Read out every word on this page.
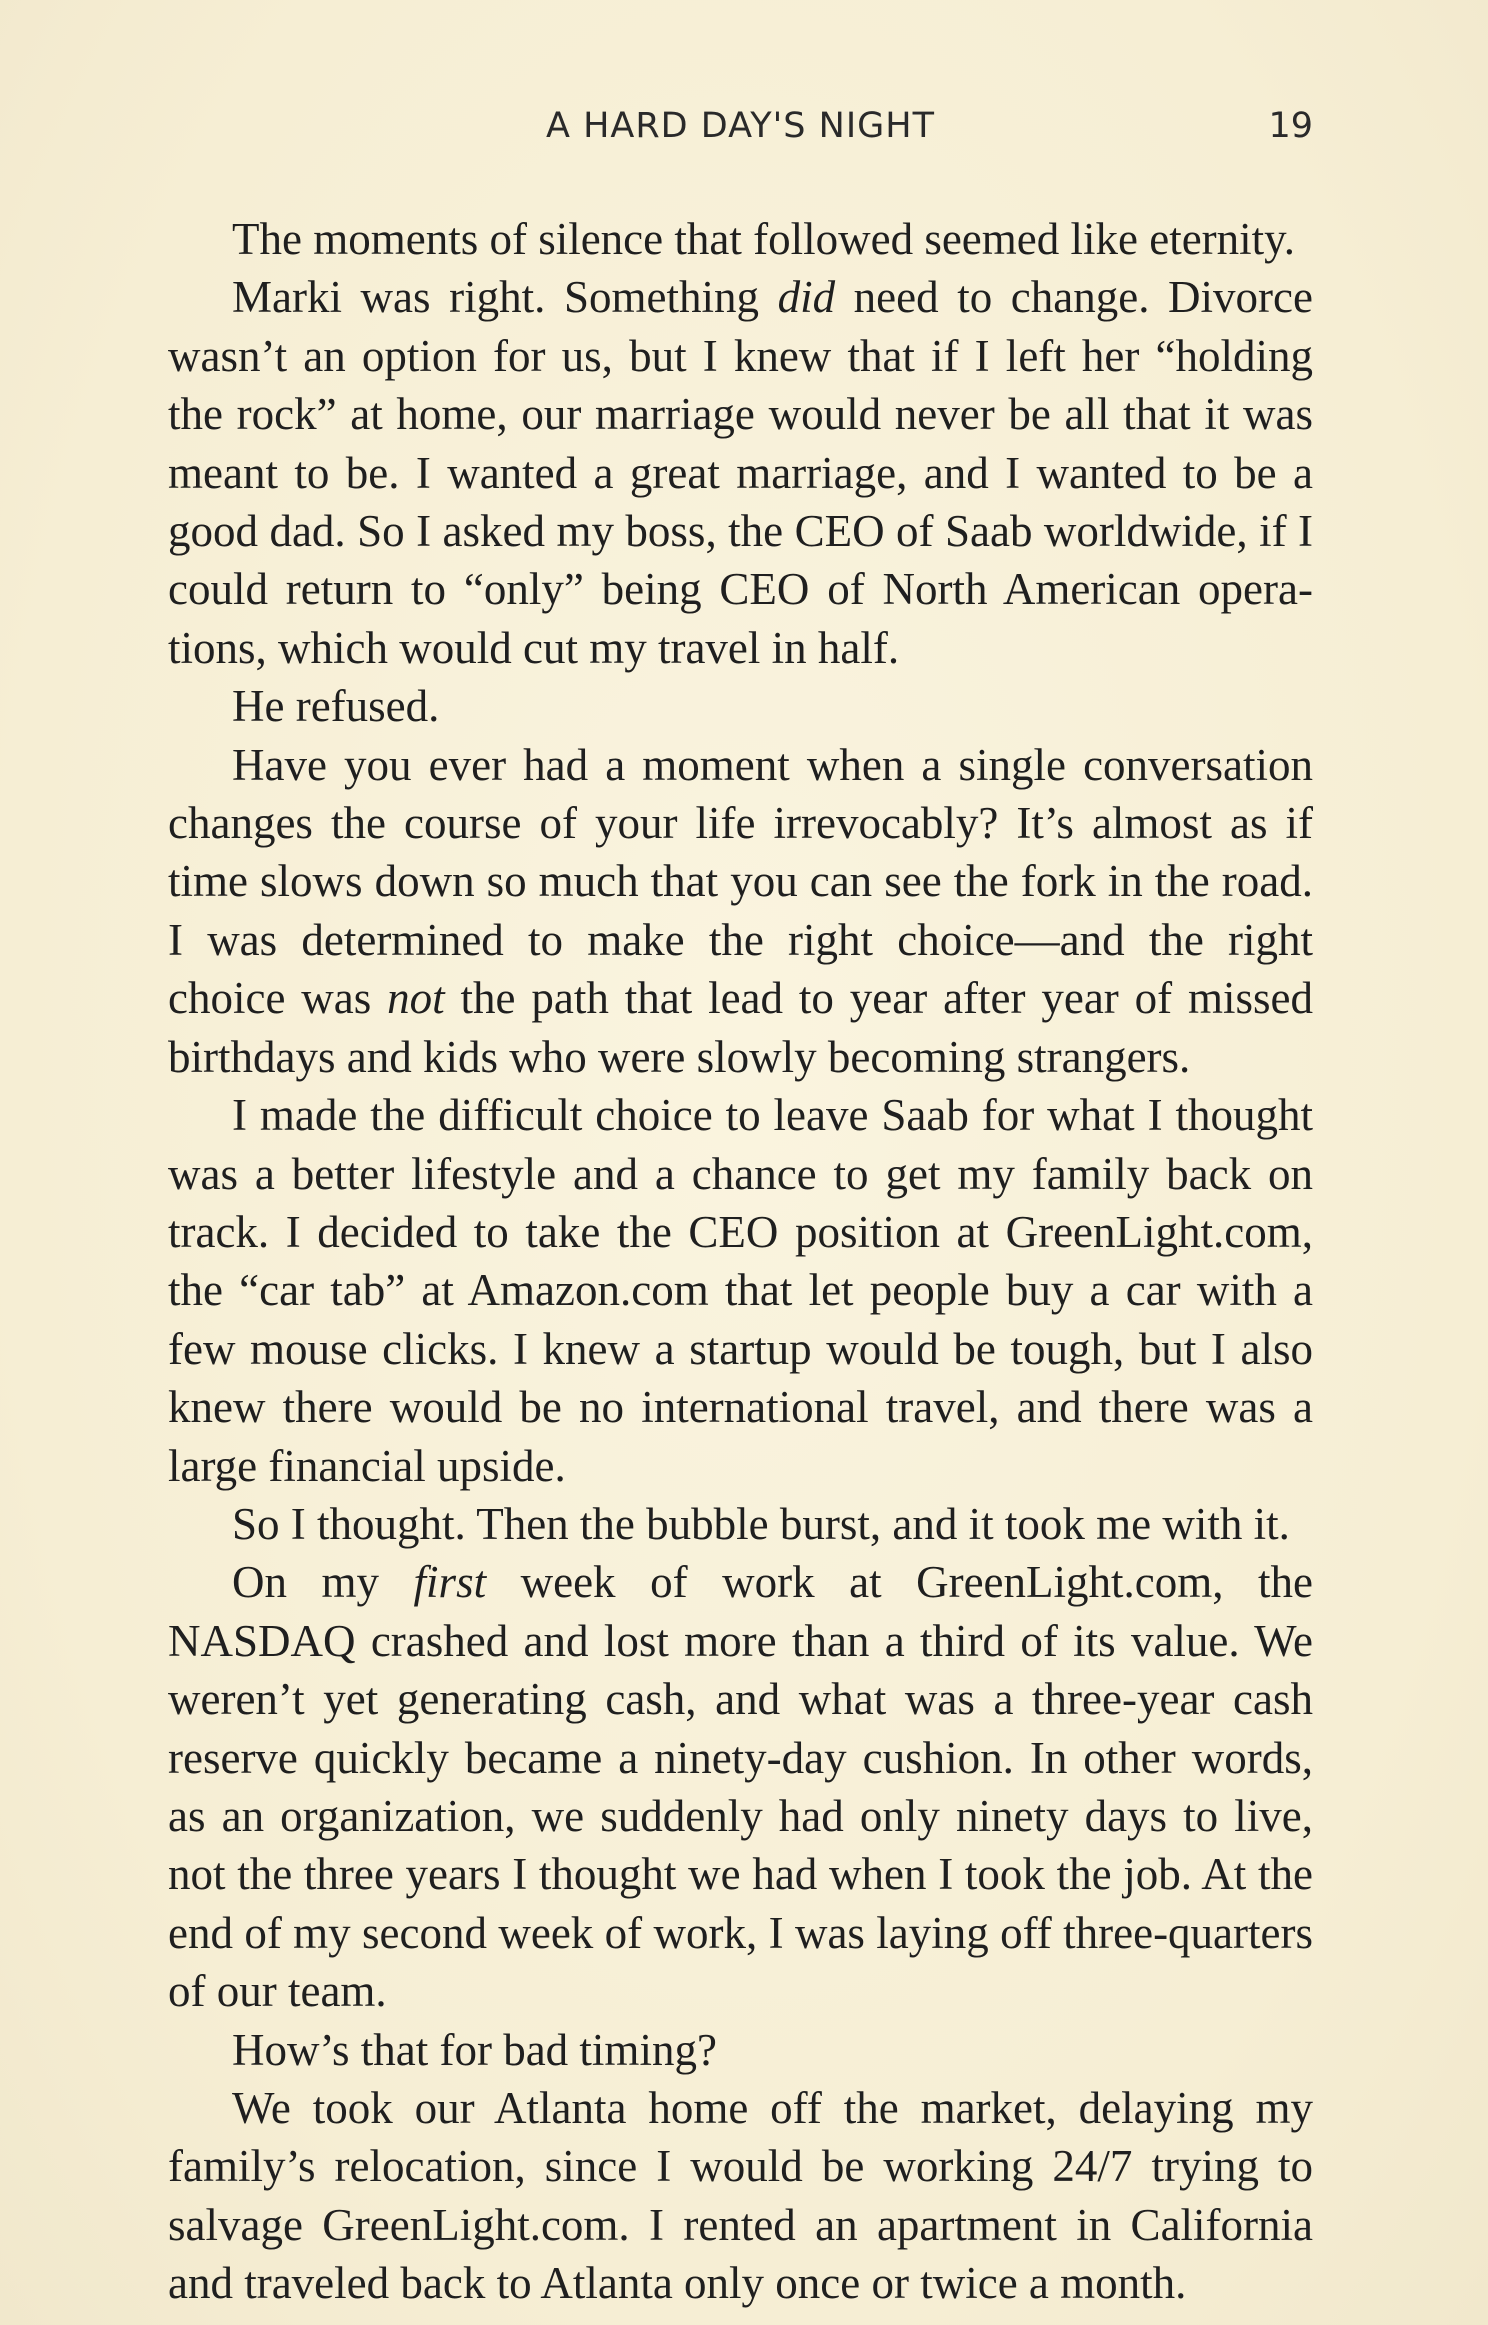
A HARD DAY'S NIGHT	19

The moments of silence that followed seemed like eternity.

Marki was right. Something did need to change. Divorce wasn’t an option for us, but I knew that if I left her “holding the rock” at home, our marriage would never be all that it was meant to be. I wanted a great marriage, and I wanted to be a good dad. So I asked my boss, the CEO of Saab worldwide, if I could return to “only” being CEO of North American operations, which would cut my travel in half.

He refused.

Have you ever had a moment when a single conversation changes the course of your life irrevocably? It’s almost as if time slows down so much that you can see the fork in the road. I was determined to make the right choice—and the right choice was not the path that lead to year after year of missed birthdays and kids who were slowly becoming strangers.

I made the difficult choice to leave Saab for what I thought was a better lifestyle and a chance to get my family back on track. I decided to take the CEO position at GreenLight.com, the “car tab” at Amazon.com that let people buy a car with a few mouse clicks. I knew a startup would be tough, but I also knew there would be no international travel, and there was a large financial upside.

So I thought. Then the bubble burst, and it took me with it.

On my first week of work at GreenLight.com, the NASDAQ crashed and lost more than a third of its value. We weren’t yet generating cash, and what was a three-year cash reserve quickly became a ninety-day cushion. In other words, as an organization, we suddenly had only ninety days to live, not the three years I thought we had when I took the job. At the end of my second week of work, I was laying off three-quarters of our team.

How’s that for bad timing?

We took our Atlanta home off the market, delaying my family’s relocation, since I would be working 24/7 trying to salvage GreenLight.com. I rented an apartment in California and traveled back to Atlanta only once or twice a month.
